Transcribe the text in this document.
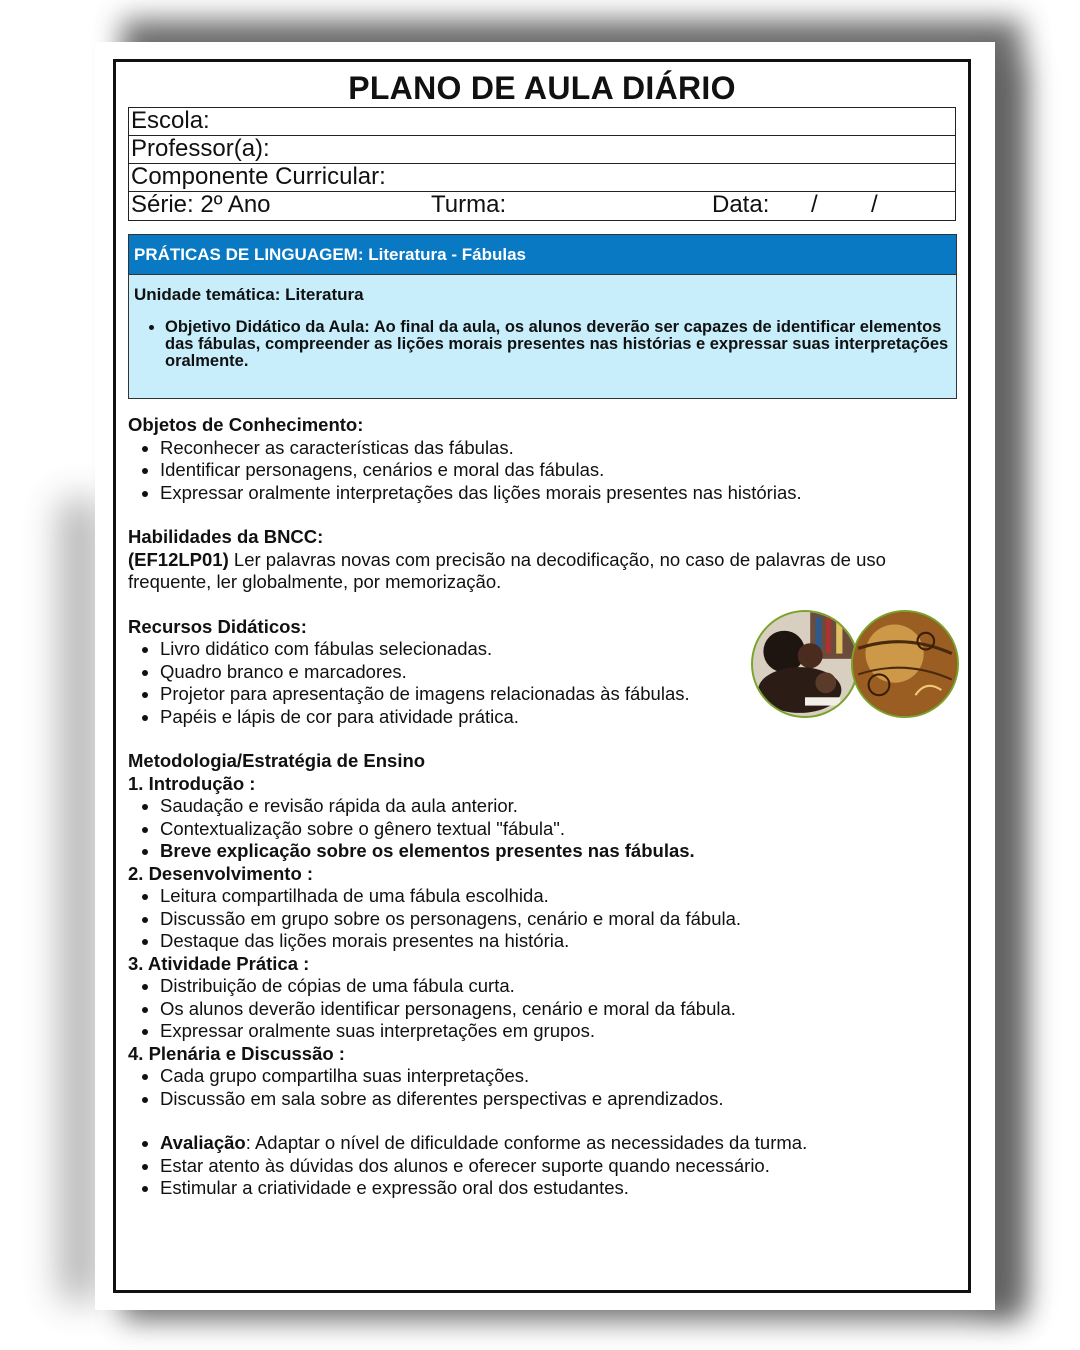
PLANO DE AULA DIÁRIO
Escola:
Professor(a):
Componente Curricular:
Série: 2º Ano	Turma:	Data: /        /
PRÁTICAS DE LINGUAGEM: Literatura - Fábulas
Unidade temática: Literatura
• Objetivo Didático da Aula: Ao final da aula, os alunos deverão ser capazes de identificar elementos das fábulas, compreender as lições morais presentes nas histórias e expressar suas interpretações oralmente.
Objetos de Conhecimento:
• Reconhecer as características das fábulas.
• Identificar personagens, cenários e moral das fábulas.
• Expressar oralmente interpretações das lições morais presentes nas histórias.
Habilidades da BNCC:
(EF12LP01) Ler palavras novas com precisão na decodificação, no caso de palavras de uso frequente, ler globalmente, por memorização.
Recursos Didáticos:
• Livro didático com fábulas selecionadas.
• Quadro branco e marcadores.
• Projetor para apresentação de imagens relacionadas às fábulas.
• Papéis e lápis de cor para atividade prática.
Metodologia/Estratégia de Ensino
1. Introdução :
• Saudação e revisão rápida da aula anterior.
• Contextualização sobre o gênero textual "fábula".
• Breve explicação sobre os elementos presentes nas fábulas.
2. Desenvolvimento :
• Leitura compartilhada de uma fábula escolhida.
• Discussão em grupo sobre os personagens, cenário e moral da fábula.
• Destaque das lições morais presentes na história.
3. Atividade Prática :
• Distribuição de cópias de uma fábula curta.
• Os alunos deverão identificar personagens, cenário e moral da fábula.
• Expressar oralmente suas interpretações em grupos.
4. Plenária e Discussão :
• Cada grupo compartilha suas interpretações.
• Discussão em sala sobre as diferentes perspectivas e aprendizados.
• Avaliação: Adaptar o nível de dificuldade conforme as necessidades da turma.
• Estar atento às dúvidas dos alunos e oferecer suporte quando necessário.
• Estimular a criatividade e expressão oral dos estudantes.
